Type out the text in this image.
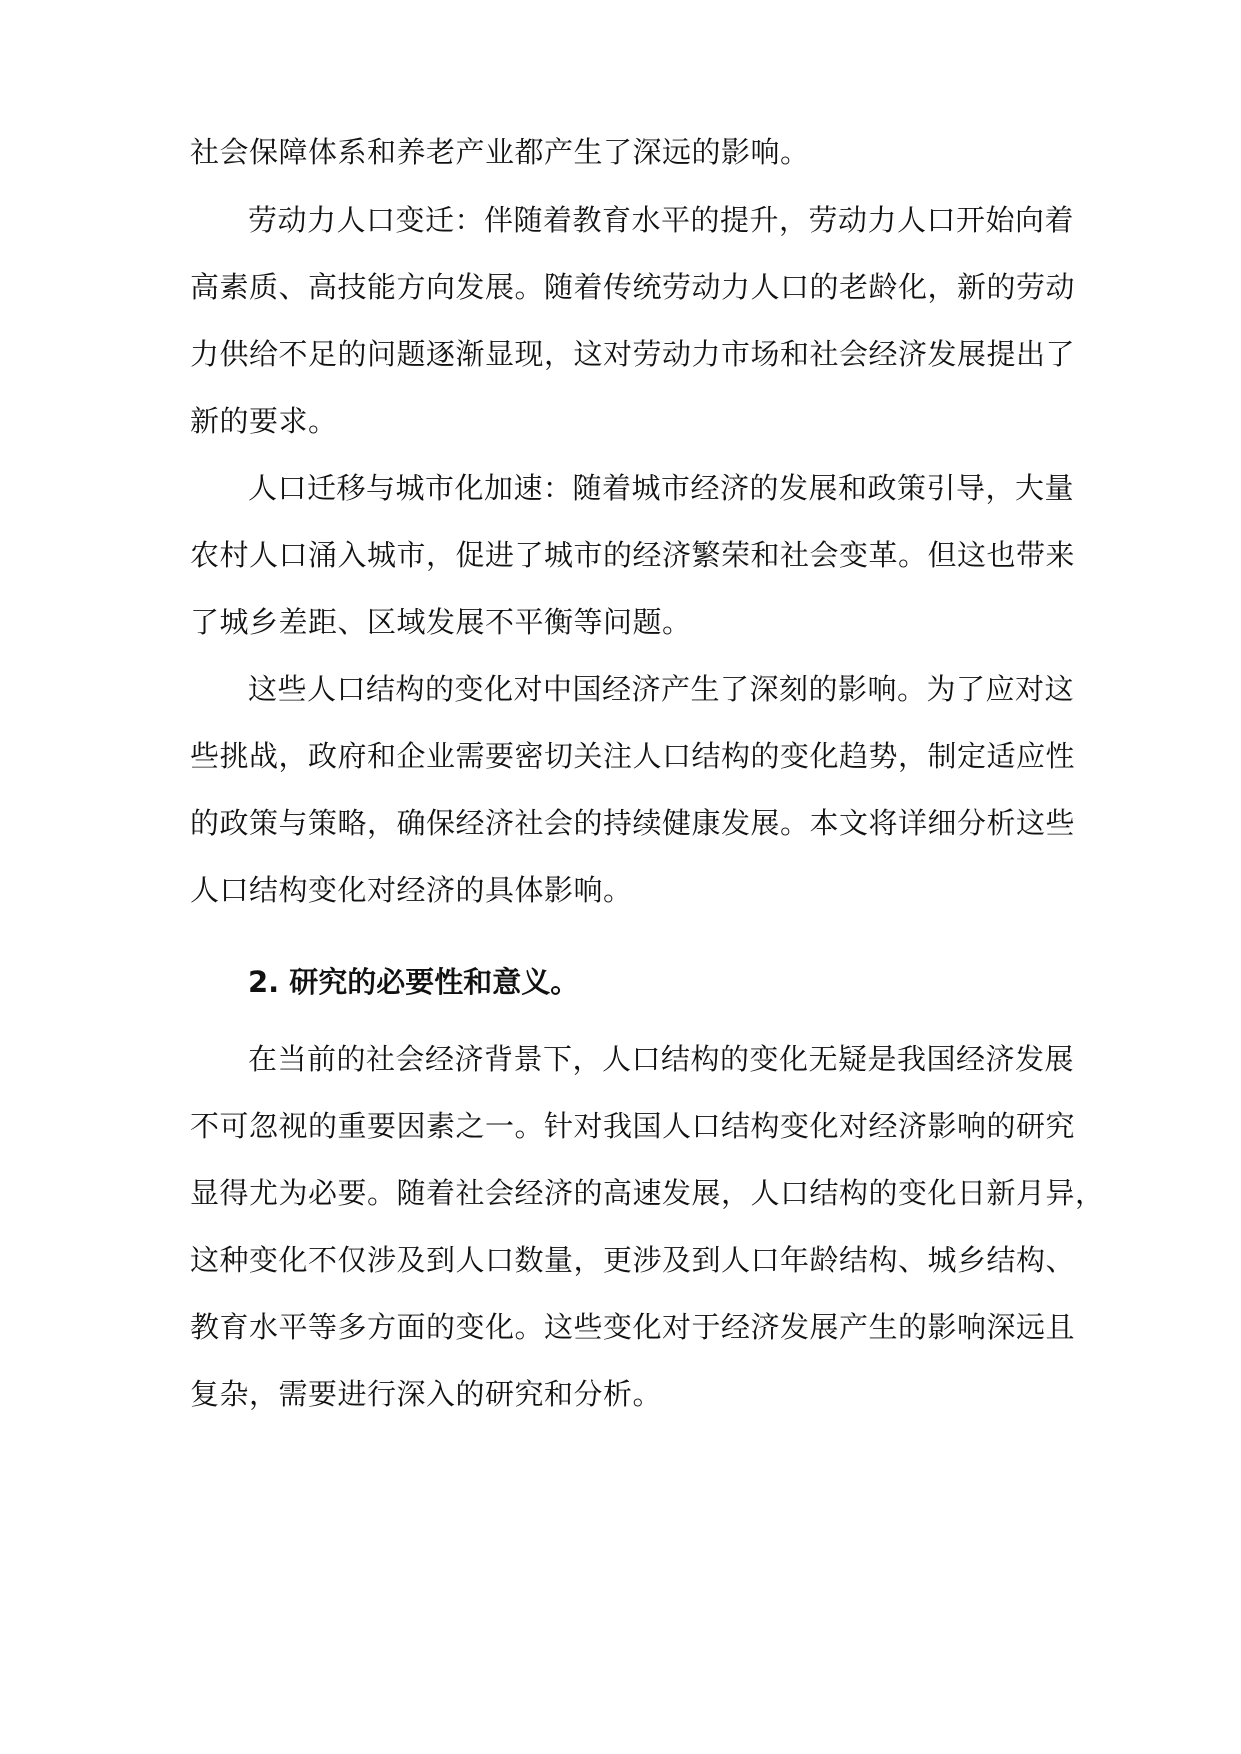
社会保障体系和养老产业都产生了深远的影响。
劳动力人口变迁：伴随着教育水平的提升，劳动力人口开始向着
高素质、高技能方向发展。随着传统劳动力人口的老龄化，新的劳动
力供给不足的问题逐渐显现，这对劳动力市场和社会经济发展提出了
新的要求。
人口迁移与城市化加速：随着城市经济的发展和政策引导，大量
农村人口涌入城市，促进了城市的经济繁荣和社会变革。但这也带来
了城乡差距、区域发展不平衡等问题。
这些人口结构的变化对中国经济产生了深刻的影响。为了应对这
些挑战，政府和企业需要密切关注人口结构的变化趋势，制定适应性
的政策与策略，确保经济社会的持续健康发展。本文将详细分析这些
人口结构变化对经济的具体影响。
2. 研究的必要性和意义。
在当前的社会经济背景下，人口结构的变化无疑是我国经济发展
不可忽视的重要因素之一。针对我国人口结构变化对经济影响的研究
显得尤为必要。随着社会经济的高速发展，人口结构的变化日新月异，
这种变化不仅涉及到人口数量，更涉及到人口年龄结构、城乡结构、
教育水平等多方面的变化。这些变化对于经济发展产生的影响深远且
复杂，需要进行深入的研究和分析。
